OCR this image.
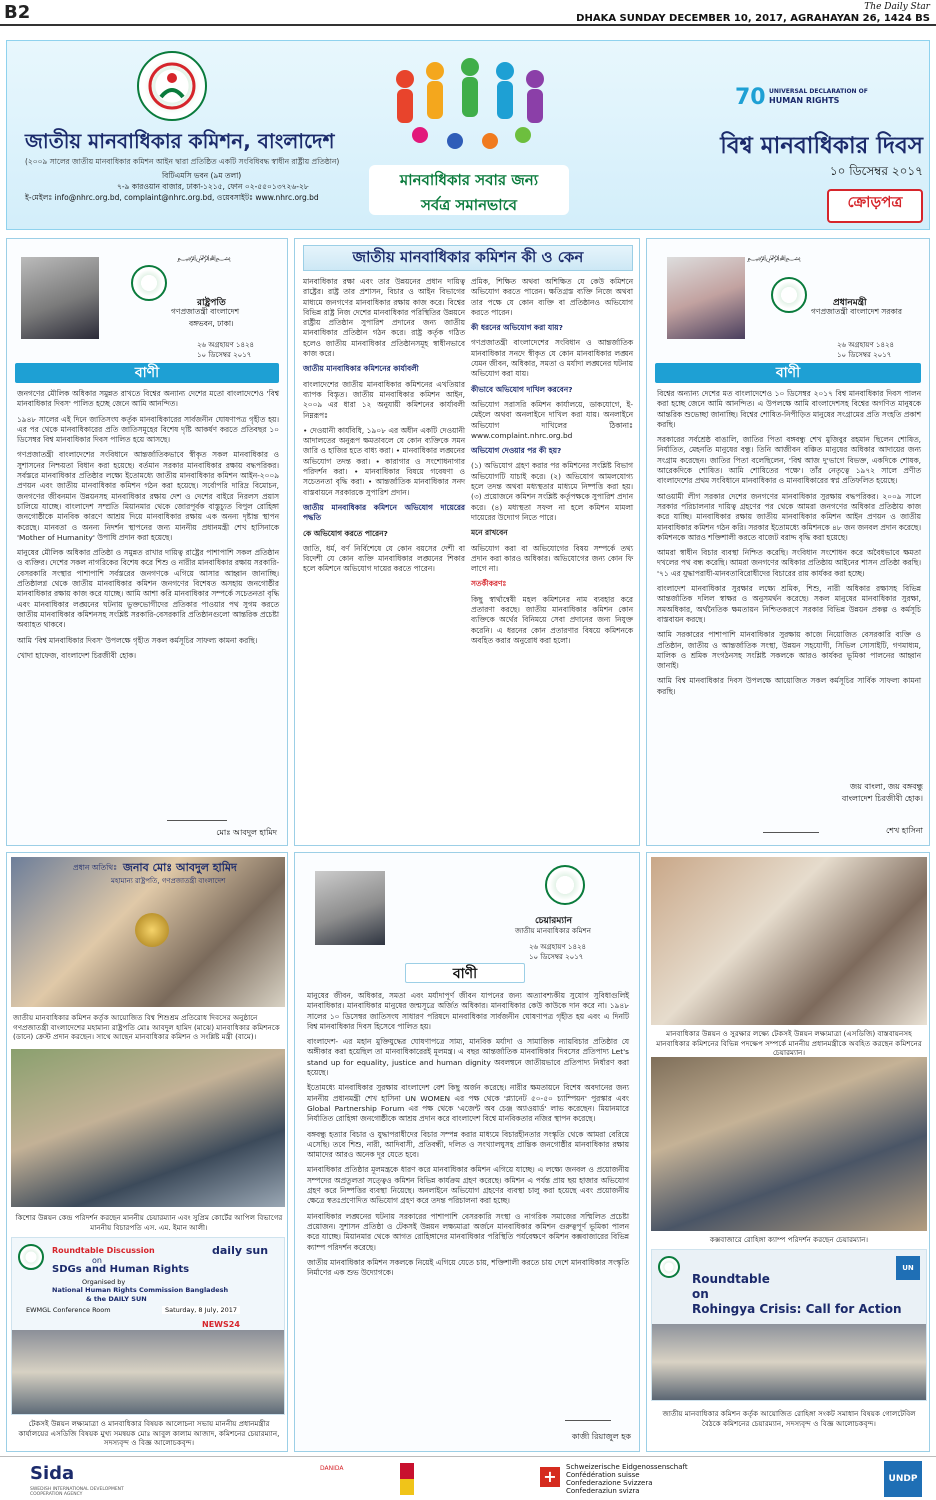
B2	The Daily Star
DHAKA SUNDAY DECEMBER 10, 2017, AGRAHAYAN 26, 1424 BS
জাতীয় মানবাধিকার কমিশন, বাংলাদেশ
(২০০৯ সালের জাতীয় মানবাধিকার কমিশন আইন দ্বারা প্রতিষ্ঠিত একটি সংবিধিবদ্ধ স্বাধীন রাষ্ট্রীয় প্রতিষ্ঠান)
বিটিএমসি ভবন (৯ম তলা)
৭-৯ কারওয়ান বাজার, ঢাকা-১২১৫, ফোন ০২-৫৫০১৩৭২৬-২৮
ই-মেইলঃ info@nhrc.org.bd, complaint@nhrc.org.bd, ওয়েবসাইটঃ www.nhrc.org.bd
মানবাধিকার সবার জন্য
সর্বত্র সমানভাবে
70 UNIVERSAL DECLARATION OF
HUMAN RIGHTS
বিশ্ব মানবাধিকার দিবস
১০ ডিসেম্বর ২০১৭
ক্রোড়পত্র
﷽
রাষ্ট্রপতি
গণপ্রজাতন্ত্রী বাংলাদেশ
বঙ্গভবন, ঢাকা।
২৬ অগ্রহায়ণ ১৪২৪
১০ ডিসেম্বর ২০১৭
বাণী

জনগণের মৌলিক অধিকার সমুন্নত রাখতে বিশ্বের অন্যান্য দেশের মতো বাংলাদেশেও 'বিশ্ব মানবাধিকার দিবস' পালিত হচ্ছে জেনে আমি আনন্দিত।

১৯৪৮ সালের এই দিনে জাতিসংঘ কর্তৃক মানবাধিকারের সার্বজনীন ঘোষণাপত্র গৃহীত হয়। এর পর থেকে মানবাধিকারের প্রতি জাতিসমূহের বিশেষ দৃষ্টি আকর্ষণ করতে প্রতিবছর ১০ ডিসেম্বর বিশ্ব মানবাধিকার দিবস পালিত হয়ে আসছে।

গণপ্রজাতন্ত্রী বাংলাদেশের সংবিধানে আন্তর্জাতিকভাবে স্বীকৃত সকল মানবাধিকার ও সুশাসনের নিশ্চয়তা বিধান করা হয়েছে। বর্তমান সরকার মানবাধিকার রক্ষায় বদ্ধপরিকর। সর্বস্তরে মানবাধিকার প্রতিষ্ঠার লক্ষ্যে ইতোমধ্যে জাতীয় মানবাধিকার কমিশন আইন-২০০৯ প্রণয়ন এবং জাতীয় মানবাধিকার কমিশন গঠন করা হয়েছে। সর্বোপরি দারিদ্র বিমোচন, জনগণের জীবনমান উন্নয়নসহ মানবাধিকার রক্ষায় দেশ ও দেশের বাইরে নিরলস প্রয়াস চালিয়ে যাচ্ছে। বাংলাদেশ সম্প্রতি মিয়ানমার থেকে জোরপূর্বক বাস্তুচ্যুত বিপুল রোহিঙ্গা জনগোষ্ঠীকে মানবিক কারণে আশ্রয় দিয়ে মানবাধিকার রক্ষায় এক অনন্য দৃষ্টান্ত স্থাপন করেছে। মানবতা ও অনন্য নিদর্শন স্থাপনের জন্য মাননীয় প্রধানমন্ত্রী শেখ হাসিনাকে 'Mother of Humanity' উপাধি প্রদান করা হয়েছে।

মানুষের মৌলিক অধিকার প্রতিষ্ঠা ও সমুন্নত রাখার দায়িত্ব রাষ্ট্রের পাশাপাশি সকল প্রতিষ্ঠান ও ব্যক্তির। দেশের সকল নাগরিকের বিশেষ করে শিশু ও নারীর মানবাধিকার রক্ষায় সরকারি-বেসরকারি সংস্থার পাশাপাশি সর্বস্তরের জনগণকে এগিয়ে আসার আহ্বান জানাচ্ছি। প্রতিষ্ঠালগ্ন থেকে জাতীয় মানবাধিকার কমিশন জনগণের বিশেষত অসহায় জনগোষ্ঠীর মানবাধিকার রক্ষায় কাজ করে যাচ্ছে। আমি আশা করি মানবাধিকার সম্পর্কে সচেতনতা বৃদ্ধি এবং মানবাধিকার লঙ্ঘনের ঘটনায় ভুক্তভোগীদের প্রতিকার পাওয়ার পথ সুগম করতে জাতীয় মানবাধিকার কমিশনসহ সংশ্লিষ্ট সরকারি-বেসরকারি প্রতিষ্ঠানগুলো আন্তরিক প্রচেষ্টা অব্যাহত থাকবে।

আমি 'বিশ্ব মানবাধিকার দিবস' উপলক্ষে গৃহীত সকল কর্মসূচির সাফল্য কামনা করছি।

খোদা হাফেজ, বাংলাদেশ চিরজীবী হোক।

মোঃ আবদুল হামিদ
জাতীয় মানবাধিকার কমিশন কী ও কেন

মানবাধিকার রক্ষা এবং তার উন্নয়নের প্রধান দায়িত্ব রাষ্ট্রের। রাষ্ট্র তার প্রশাসন, বিচার ও আইন বিভাগের মাধ্যমে জনগণের মানবাধিকার রক্ষায় কাজ করে। বিশ্বের বিভিন্ন রাষ্ট্র নিজ দেশের মানবাধিকার পরিস্থিতির উন্নয়নে রাষ্ট্রীয় প্রতিষ্ঠান সুপারিশ প্রদানের জন্য জাতীয় মানবাধিকার প্রতিষ্ঠান গঠন করে। রাষ্ট্র কর্তৃক গঠিত হলেও জাতীয় মানবাধিকার প্রতিষ্ঠানসমূহ স্বাধীনভাবে কাজ করে।

জাতীয় মানবাধিকার কমিশনের কার্যাবলী

বাংলাদেশের জাতীয় মানবাধিকার কমিশনের এখতিয়ার ব্যাপক বিস্তৃত। জাতীয় মানবাধিকার কমিশন আইন, ২০০৯ এর ধারা ১২ অনুযায়ী কমিশনের কার্যাবলী নিম্নরূপঃ

• দেওয়ানী কার্যবিধি, ১৯০৮ এর অধীন একটি দেওয়ানী আদালতের অনুরূপ ক্ষমতাবলে যে কোন ব্যক্তিকে সমন জারি ও হাজির হতে বাধ্য করা। • মানবাধিকার লঙ্ঘনের অভিযোগ তদন্ত করা। • কারাগার ও সংশোধনাগার পরিদর্শন করা। • মানবাধিকার বিষয়ে গবেষণা ও সচেতনতা বৃদ্ধি করা। • আন্তর্জাতিক মানবাধিকার সনদ বাস্তবায়নে সরকারকে সুপারিশ প্রদান।

জাতীয় মানবাধিকার কমিশনে অভিযোগ দায়েরের পদ্ধতি

কে অভিযোগ করতে পারেন?

জাতি, ধর্ম, বর্ণ নির্বিশেষে যে কোন বয়সের দেশী বা বিদেশী যে কোন ব্যক্তি মানবাধিকার লঙ্ঘনের শিকার হলে কমিশনে অভিযোগ দায়ের করতে পারেন।

প্রমিক, শিক্ষিত অথবা অশিক্ষিত যে কেউ কমিশনে অভিযোগ করতে পারেন। ক্ষতিগ্রস্ত ব্যক্তি নিজে অথবা তার পক্ষে যে কোন ব্যক্তি বা প্রতিষ্ঠানও অভিযোগ করতে পারেন।

কী ধরনের অভিযোগ করা যায়?

গণপ্রজাতন্ত্রী বাংলাদেশের সংবিধান ও আন্তর্জাতিক মানবাধিকার সনদে স্বীকৃত যে কোন মানবাধিকার লঙ্ঘন যেমন জীবন, অধিকার, সমতা ও মর্যাদা লঙ্ঘনের ঘটনায় অভিযোগ করা যায়।

কীভাবে অভিযোগ দাখিল করবেন?

অভিযোগ সরাসরি কমিশন কার্যালয়ে, ডাকযোগে, ই-মেইলে অথবা অনলাইনে দাখিল করা যায়। অনলাইনে অভিযোগ দাখিলের ঠিকানাঃ www.complaint.nhrc.org.bd

অভিযোগ দেওয়ার পর কী হয়?

(১) অভিযোগ গ্রহণ করার পর কমিশনের সংশ্লিষ্ট বিভাগ অভিযোগটি যাচাই করে। (২) অভিযোগ আমলযোগ্য হলে তদন্ত অথবা মধ্যস্থতার মাধ্যমে নিষ্পত্তি করা হয়। (৩) প্রয়োজনে কমিশন সংশ্লিষ্ট কর্তৃপক্ষকে সুপারিশ প্রদান করে। (৪) মধ্যস্থতা সফল না হলে কমিশন মামলা দায়েরের উদ্যোগ নিতে পারে।

মনে রাখবেন

অভিযোগ করা বা অভিযোগের বিষয় সম্পর্কে তথ্য প্রদান করা কারও অধিকার। অভিযোগের জন্য কোন ফি লাগে না।

সতর্কীকরণঃ

কিছু স্বার্থান্বেষী মহল কমিশনের নাম ব্যবহার করে প্রতারণা করছে। জাতীয় মানবাধিকার কমিশন কোন ব্যক্তিকে অর্থের বিনিময়ে সেবা প্রদানের জন্য নিযুক্ত করেনি। এ ধরনের কোন প্রতারণার বিষয়ে কমিশনকে অবহিত করার অনুরোধ করা হলো।

﷽
প্রধানমন্ত্রী
গণপ্রজাতন্ত্রী বাংলাদেশ সরকার
২৬ অগ্রহায়ণ ১৪২৪
১০ ডিসেম্বর ২০১৭
বাণী

বিশ্বের অন্যান্য দেশের মত বাংলাদেশেও ১০ ডিসেম্বর ২০১৭ বিশ্ব মানবাধিকার দিবস পালন করা হচ্ছে জেনে আমি আনন্দিত। এ উপলক্ষে আমি বাংলাদেশসহ বিশ্বের অগণিত মানুষকে আন্তরিক শুভেচ্ছা জানাচ্ছি। বিশ্বের শোষিত-নিপীড়িত মানুষের সংগ্রামের প্রতি সংহতি প্রকাশ করছি।

সরকারের সর্বশ্রেষ্ঠ বাঙালি, জাতির পিতা বঙ্গবন্ধু শেখ মুজিবুর রহমান ছিলেন শোষিত, নির্যাতিত, মেহনতি মানুষের বন্ধু। তিনি আজীবন বঞ্চিত মানুষের অধিকার আদায়ের জন্য সংগ্রাম করেছেন। জাতির পিতা বলেছিলেন, 'বিশ্ব আজ দু'ভাগে বিভক্ত, একদিকে শোষক, আরেকদিকে শোষিত। আমি শোষিতের পক্ষে'। তাঁর নেতৃত্বে ১৯৭২ সালে প্রণীত বাংলাদেশের প্রথম সংবিধানে মানবাধিকার ও মানবাধিকারের স্বপ্ন প্রতিফলিত হয়েছে।

আওয়ামী লীগ সরকার দেশের জনগণের মানবাধিকার সুরক্ষায় বদ্ধপরিকর। ২০০৯ সালে সরকার পরিচালনার দায়িত্ব গ্রহণের পর থেকে আমরা জনগণের অধিকার প্রতিষ্ঠায় কাজ করে যাচ্ছি। মানবাধিকার রক্ষায় জাতীয় মানবাধিকার কমিশন আইন প্রণয়ন ও জাতীয় মানবাধিকার কমিশন গঠন করি। সরকার ইতোমধ্যে কমিশনকে ৪৮ জন জনবল প্রদান করেছে। কমিশনকে আরও শক্তিশালী করতে বাজেট বরাদ্দ বৃদ্ধি করা হয়েছে।

আমরা স্বাধীন বিচার ব্যবস্থা নিশ্চিত করেছি। সংবিধান সংশোধন করে অবৈধভাবে ক্ষমতা দখলের পথ বন্ধ করেছি। আমরা জনগণের অধিকার প্রতিষ্ঠায় আইনের শাসন প্রতিষ্ঠা করছি। '৭১ এর যুদ্ধাপরাধী-মানবতাবিরোধীদের বিচারের রায় কার্যকর করা হচ্ছে।

বাংলাদেশ মানবাধিকার সুরক্ষার লক্ষ্যে শ্রমিক, শিশু, নারী অধিকার রক্ষাসহ বিভিন্ন আন্তর্জাতিক দলিল স্বাক্ষর ও অনুসমর্থন করেছে। সকল মানুষের মানবাধিকার সুরক্ষা, সমঅধিকার, অর্থনৈতিক ক্ষমতায়ন নিশ্চিতকরণে সরকার বিভিন্ন উন্নয়ন প্রকল্প ও কর্মসূচি বাস্তবায়ন করছে।

আমি সরকারের পাশাপাশি মানবাধিকার সুরক্ষায় কাজে নিয়োজিত বেসরকারি ব্যক্তি ও প্রতিষ্ঠান, জাতীয় ও আন্তর্জাতিক সংস্থা, উন্নয়ন সহযোগী, সিভিল সোসাইটি, গণমাধ্যম, মালিক ও শ্রমিক সংগঠনসহ সংশ্লিষ্ট সকলকে আরও কার্যকর ভূমিকা পালনের আহ্বান জানাই।

আমি বিশ্ব মানবাধিকার দিবস উপলক্ষে আয়োজিত সকল কর্মসূচির সার্বিক সাফল্য কামনা করছি।

জয় বাংলা, জয় বঙ্গবন্ধু
বাংলাদেশ চিরজীবী হোক।
শেখ হাসিনা
প্রধান অতিথিঃ জনাব মোঃ আবদুল হামিদ
মহামান্য রাষ্ট্রপতি, গণপ্রজাতন্ত্রী বাংলাদেশ
জাতীয় মানবাধিকার কমিশন কর্তৃক আয়োজিত বিশ্ব শিশুশ্রম প্রতিরোধ দিবসের অনুষ্ঠানে গণপ্রজাতন্ত্রী বাংলাদেশের মহামান্য রাষ্ট্রপতি মোঃ আবদুল হামিদ (মাঝে) মানবাধিকার কমিশনকে (ডানে) ক্রেস্ট প্রদান করছেন। সাথে আছেন মানবাধিকার কমিশন ও সংশ্লিষ্ট মন্ত্রী (বামে)।
কিশোর উন্নয়ন কেন্দ্র পরিদর্শন করছেন মাননীয় চেয়ারম্যান এবং সুপ্রিম কোর্টের আপিল বিভাগের মাননীয় বিচারপতি এস. এম. ইমান আলী।
daily sun
Roundtable Discussion
on
SDGs and Human Rights
Organised by
National Human Rights Commission Bangladesh
& the DAILY SUN
EWMGL Conference Room	Saturday, 8 July, 2017
NEWS24
টেকসই উন্নয়ন লক্ষ্যমাত্রা ও মানবাধিকার বিষয়ক আলোচনা সভায় মাননীয় প্রধানমন্ত্রীর কার্যালয়ের এসডিজি বিষয়ক মুখ্য সমন্বয়ক মোঃ আবুল কালাম আজাদ, কমিশনের চেয়ারম্যান, সদস্যবৃন্দ ও বিজ্ঞ আলোচকবৃন্দ।
চেয়ারম্যান
জাতীয় মানবাধিকার কমিশন
২৬ অগ্রহায়ণ ১৪২৪
১০ ডিসেম্বর ২০১৭
বাণী

মানুষের জীবন, অধিকার, সমতা এবং মর্যাদাপূর্ণ জীবন যাপনের জন্য অত্যাবশ্যকীয় সুযোগ সুবিধাগুলিই মানবাধিকার। মানবাধিকার মানুষের জন্মসূত্রে অর্জিত অধিকার। মানবাধিকার কেউ কাউকে দান করে না। ১৯৪৮ সালের ১০ ডিসেম্বর জাতিসংঘ সাধারণ পরিষদে মানবাধিকার সার্বজনীন ঘোষণাপত্র গৃহীত হয় এবং এ দিনটি বিশ্ব মানবাধিকার দিবস হিসেবে পালিত হয়।

বাংলাদেশ- এর মহান মুক্তিযুদ্ধের ঘোষণাপত্রে সাম্য, মানবিক মর্যাদা ও সামাজিক ন্যায়বিচার প্রতিষ্ঠার যে অঙ্গীকার করা হয়েছিল তা মানবাধিকারেরই মূলমন্ত্র। এ বছর আন্তর্জাতিক মানবাধিকার দিবসের প্রতিপাদ্য Let's stand up for equality, justice and human dignity অবলম্বনে জাতীয়ভাবে প্রতিপাদ্য নির্ধারণ করা হয়েছে।

ইতোমধ্যে মানবাধিকার সুরক্ষায় বাংলাদেশ বেশ কিছু অর্জন করেছে। নারীর ক্ষমতায়নে বিশেষ অবদানের জন্য মাননীয় প্রধানমন্ত্রী শেখ হাসিনা UN WOMEN এর পক্ষ থেকে 'প্ল্যানেট ৫০-৫০ চ্যাম্পিয়ন' পুরস্কার এবং Global Partnership Forum এর পক্ষ থেকে 'এজেন্ট অব চেঞ্জ অ্যাওয়ার্ড' লাভ করেছেন। মিয়ানমারে নির্যাতিত রোহিঙ্গা জনগোষ্ঠীকে আশ্রয় প্রদান করে বাংলাদেশ বিশ্বে মানবিকতার নজির স্থাপন করেছে।

বঙ্গবন্ধু হত্যার বিচার ও যুদ্ধাপরাধীদের বিচার সম্পন্ন করার মাধ্যমে বিচারহীনতার সংস্কৃতি থেকে আমরা বেরিয়ে এসেছি। তবে শিশু, নারী, আদিবাসী, প্রতিবন্ধী, দলিত ও সংখ্যালঘুসহ প্রান্তিক জনগোষ্ঠীর মানবাধিকার রক্ষায় আমাদের আরও অনেক দূর যেতে হবে।

মানবাধিকার প্রতিষ্ঠার মূলমন্ত্রকে ধারণ করে মানবাধিকার কমিশন এগিয়ে যাচ্ছে। এ লক্ষ্যে জনবল ও প্রয়োজনীয় সম্পদের অপ্রতুলতা সত্ত্বেও কমিশন বিভিন্ন কার্যক্রম গ্রহণ করেছে। কমিশন এ পর্যন্ত প্রায় ছয় হাজার অভিযোগ গ্রহণ করে নিষ্পত্তির ব্যবস্থা নিয়েছে। অনলাইনে অভিযোগ গ্রহণের ব্যবস্থা চালু করা হয়েছে এবং প্রয়োজনীয় ক্ষেত্রে স্বতঃপ্রণোদিত অভিযোগ গ্রহণ করে তদন্ত পরিচালনা করা হচ্ছে।

মানবাধিকার লঙ্ঘনের ঘটনায় সরকারের পাশাপাশি বেসরকারি সংস্থা ও নাগরিক সমাজের সম্মিলিত প্রচেষ্টা প্রয়োজন। সুশাসন প্রতিষ্ঠা ও টেকসই উন্নয়ন লক্ষ্যমাত্রা অর্জনে মানবাধিকার কমিশন গুরুত্বপূর্ণ ভূমিকা পালন করে যাচ্ছে। মিয়ানমার থেকে আগত রোহিঙ্গাদের মানবাধিকার পরিস্থিতি পর্যবেক্ষণে কমিশন কক্সবাজারের বিভিন্ন ক্যাম্প পরিদর্শন করেছে।

জাতীয় মানবাধিকার কমিশন সকলকে নিয়েই এগিয়ে যেতে চায়, শক্তিশালী করতে চায় দেশে মানবাধিকার সংস্কৃতি নির্মাণের এক শুভ উদ্যোগকে।

কাজী রিয়াজুল হক
মানবাধিকার উন্নয়ন ও সুরক্ষার লক্ষ্যে টেকসই উন্নয়ন লক্ষ্যমাত্রা (এসডিজি) বাস্তবায়নসহ মানবাধিকার কমিশনের বিভিন্ন পদক্ষেপ সম্পর্কে মাননীয় প্রধানমন্ত্রীকে অবহিত করছেন কমিশনের চেয়ারম্যান।
কক্সবাজারে রোহিঙ্গা ক্যাম্প পরিদর্শন করছেন চেয়ারম্যান।
UN
Roundtable
on
Rohingya Crisis: Call for Action
জাতীয় মানবাধিকার কমিশন কর্তৃক আয়োজিত রোহিঙ্গা সংকট সমাধান বিষয়ক গোলটেবিল বৈঠকে কমিশনের চেয়ারম্যান, সদস্যবৃন্দ ও বিজ্ঞ আলোচকবৃন্দ।
Sida
SWEDISH INTERNATIONAL DEVELOPMENT COOPERATION AGENCY
DANIDA	+	Schweizerische Eidgenossenschaft
Confédération suisse
Confederazione Svizzera
Confederaziun svizra
UNDP
